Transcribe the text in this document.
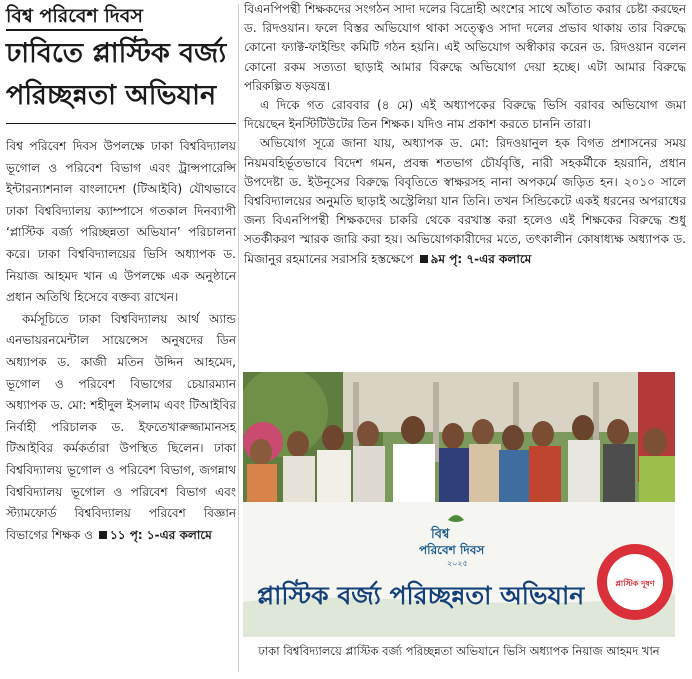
বিশ্ব পরিবেশ দিবস
ঢাবিতে প্লাস্টিক বর্জ্য
পরিচ্ছন্নতা অভিযান

বিশ্ব পরিবেশ দিবস উপলক্ষে ঢাকা বিশ্ববিদ্যালয় ভূগোল ও পরিবেশ বিভাগ এবং ট্রান্সপারেন্সি ইন্টারন্যাশনাল বাংলাদেশ (টিআইবি) যৌথভাবে ঢাকা বিশ্ববিদ্যালয় ক্যাম্পাসে গতকাল দিনব্যাপী ‘প্লাস্টিক বর্জ্য পরিচ্ছন্নতা অভিযান’ পরিচালনা করে। ঢাকা বিশ্ববিদ্যালয়ের ভিসি অধ্যাপক ড. নিয়াজ আহমদ খান এ উপলক্ষে এক অনুষ্ঠানে প্রধান অতিথি হিসেবে বক্তব্য রাখেন।

কর্মসূচিতে ঢাকা বিশ্ববিদ্যালয় আর্থ অ্যান্ড এনভায়রনমেন্টাল সায়েন্সেস অনুষদের ডিন অধ্যাপক ড. কাজী মতিন উদ্দিন আহমেদ, ভূগোল ও পরিবেশ বিভাগের চেয়ারম্যান অধ্যাপক ড. মো: শহীদুল ইসলাম এবং টিআইবির নির্বাহী পরিচালক ড. ইফতেখারুজ্জামানসহ টিআইবির কর্মকর্তারা উপস্থিত ছিলেন। ঢাকা বিশ্ববিদ্যালয় ভূগোল ও পরিবেশ বিভাগ, জগন্নাথ বিশ্ববিদ্যালয় ভূগোল ও পরিবেশ বিভাগ এবং স্ট্যামফোর্ড বিশ্ববিদ্যালয় পরিবেশ বিজ্ঞান বিভাগের শিক্ষক ও ১১ পৃ: ১-এর কলামে

বিএনপিপন্থী শিক্ষকদের সংগঠন সাদা দলের বিদ্রোহী অংশের সাথে আঁতাত করার চেষ্টা করছেন ড. রিদওয়ান। ফলে বিস্তর অভিযোগ থাকা সত্ত্বেও সাদা দলের প্রভাব থাকায় তার বিরুদ্ধে কোনো ফ্যাক্ট-ফাইন্ডিং কমিটি গঠন হয়নি। এই অভিযোগ অস্বীকার করেন ড. রিদওয়ান বলেন কোনো রকম সত্যতা ছাড়াই আমার বিরুদ্ধে অভিযোগ দেয়া হচ্ছে। এটা আমার বিরুদ্ধে পরিকল্পিত ষড়যন্ত্র।

এ দিকে গত রোববার (৪ মে) এই অধ্যাপকের বিরুদ্ধে ভিসি বরাবর অভিযোগ জমা দিয়েছেন ইনস্টিটিউটের তিন শিক্ষক। যদিও নাম প্রকাশ করতে চাননি তারা।

অভিযোগ সূত্রে জানা যায়, অধ্যাপক ড. মো: রিদওয়ানুল হক বিগত প্রশাসনের সময় নিয়মবহির্ভূতভাবে বিদেশ গমন, প্রবন্ধ শতভাগ চৌর্যবৃত্তি, নারী সহকর্মীকে হয়রানি, প্রধান উপদেষ্টা ড. ইউনূসের বিরুদ্ধে বিবৃতিতে স্বাক্ষরসহ নানা অপকর্মে জড়িত হন। ২০১০ সালে বিশ্ববিদ্যালয়ের অনুমতি ছাড়াই অস্ট্রেলিয়া যান তিনি। তখন সিন্ডিকেটে একই ধরনের অপরাধের জন্য বিএনপিপন্থী শিক্ষকদের চাকরি থেকে বরখাস্ত করা হলেও এই শিক্ষকের বিরুদ্ধে শুধু সতর্কীকরণ স্মারক জারি করা হয়। অভিযোগকারীদের মতে, তৎকালীন কোষাধ্যক্ষ অধ্যাপক ড. মিজানুর রহমানের সরাসরি হস্তক্ষেপে ৯ম পৃ: ৭-এর কলামে

বিশ্ব
পরিবেশ দিবস
২০২৫
প্লাস্টিক বর্জ্য পরিচ্ছন্নতা অভিযান	প্লাস্টিক দূষণ
ঢাকা বিশ্ববিদ্যালয়ে প্লাস্টিক বর্জ্য পরিচ্ছন্নতা অভিযানে ভিসি অধ্যাপক নিয়াজ আহমদ খান
